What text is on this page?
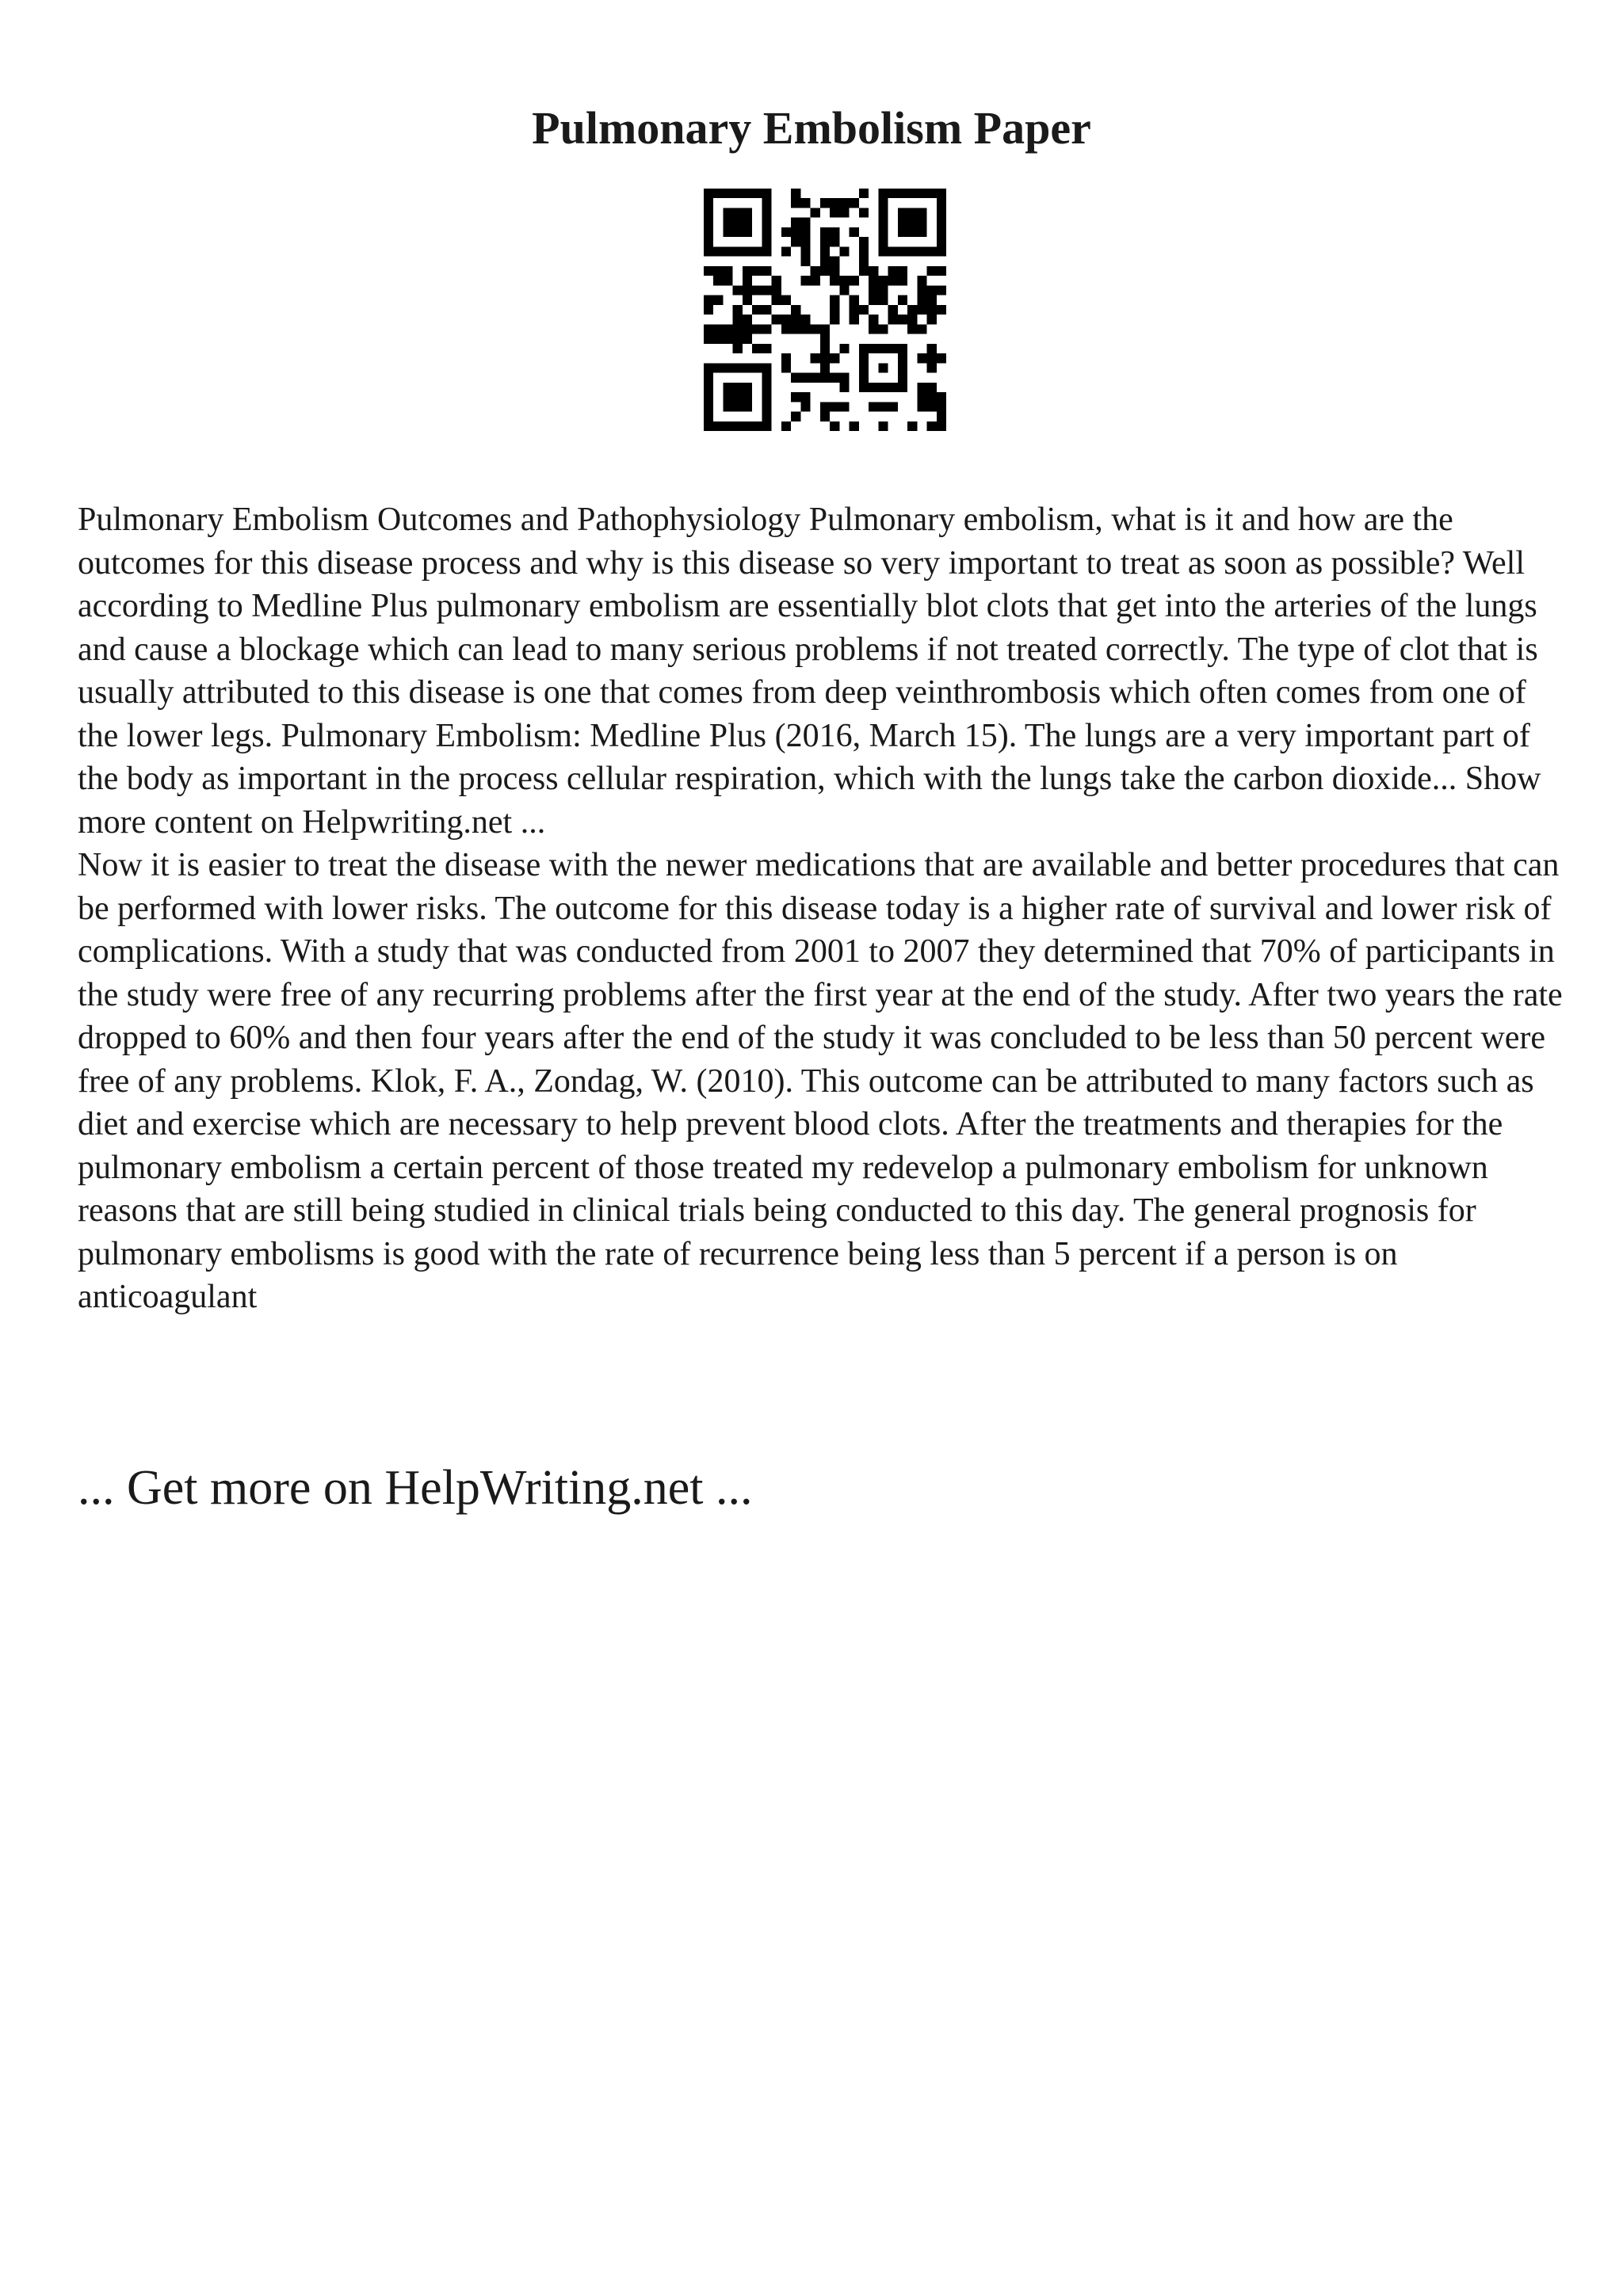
Pulmonary Embolism Paper

Pulmonary Embolism Outcomes and Pathophysiology Pulmonary embolism, what is it and how are the outcomes for this disease process and why is this disease so very important to treat as soon as possible? Well according to Medline Plus pulmonary embolism are essentially blot clots that get into the arteries of the lungs and cause a blockage which can lead to many serious problems if not treated correctly. The type of clot that is usually attributed to this disease is one that comes from deep veinthrombosis which often comes from one of the lower legs. Pulmonary Embolism: Medline Plus (2016, March 15). The lungs are a very important part of the body as important in the process cellular respiration, which with the lungs take the carbon dioxide... Show more content on Helpwriting.net ...

Now it is easier to treat the disease with the newer medications that are available and better procedures that can be performed with lower risks. The outcome for this disease today is a higher rate of survival and lower risk of complications. With a study that was conducted from 2001 to 2007 they determined that 70% of participants in the study were free of any recurring problems after the first year at the end of the study. After two years the rate dropped to 60% and then four years after the end of the study it was concluded to be less than 50 percent were free of any problems. Klok, F. A., Zondag, W. (2010). This outcome can be attributed to many factors such as diet and exercise which are necessary to help prevent blood clots. After the treatments and therapies for the pulmonary embolism a certain percent of those treated my redevelop a pulmonary embolism for unknown reasons that are still being studied in clinical trials being conducted to this day. The general prognosis for pulmonary embolisms is good with the rate of recurrence being less than 5 percent if a person is on anticoagulant

... Get more on HelpWriting.net ...
